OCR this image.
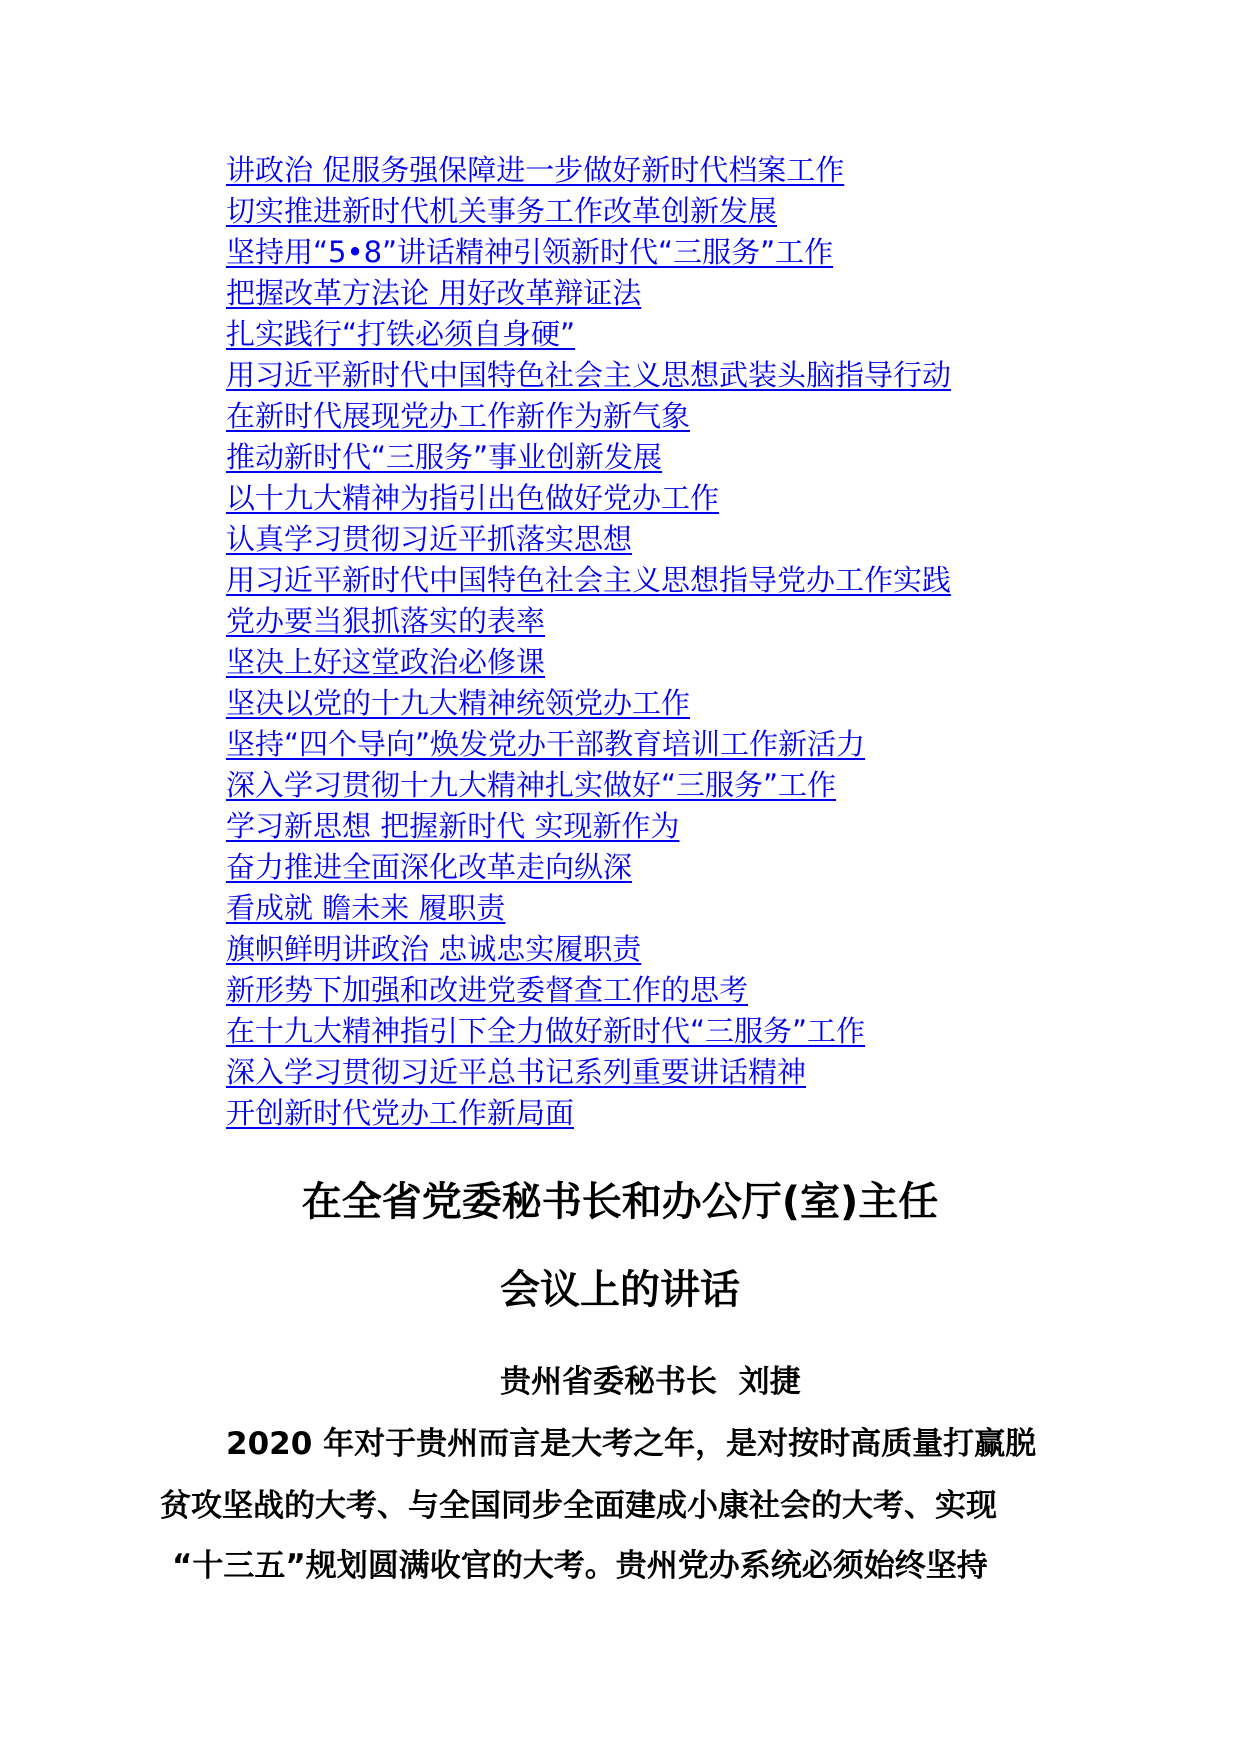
讲政治 促服务强保障进一步做好新时代档案工作
切实推进新时代机关事务工作改革创新发展
坚持用“5•8”讲话精神引领新时代“三服务”工作
把握改革方法论 用好改革辩证法
扎实践行“打铁必须自身硬”
用习近平新时代中国特色社会主义思想武装头脑指导行动
在新时代展现党办工作新作为新气象
推动新时代“三服务”事业创新发展
以十九大精神为指引出色做好党办工作
认真学习贯彻习近平抓落实思想
用习近平新时代中国特色社会主义思想指导党办工作实践
党办要当狠抓落实的表率
坚决上好这堂政治必修课
坚决以党的十九大精神统领党办工作
坚持“四个导向”焕发党办干部教育培训工作新活力
深入学习贯彻十九大精神扎实做好“三服务”工作
学习新思想 把握新时代 实现新作为
奋力推进全面深化改革走向纵深
看成就 瞻未来 履职责
旗帜鲜明讲政治 忠诚忠实履职责
新形势下加强和改进党委督查工作的思考
在十九大精神指引下全力做好新时代“三服务”工作
深入学习贯彻习近平总书记系列重要讲话精神
开创新时代党办工作新局面
在全省党委秘书长和办公厅(室)主任
会议上的讲话
贵州省委秘书长  刘捷
2020 年对于贵州而言是大考之年，是对按时高质量打赢脱
贫攻坚战的大考、与全国同步全面建成小康社会的大考、实现
“十三五”规划圆满收官的大考。贵州党办系统必须始终坚持
